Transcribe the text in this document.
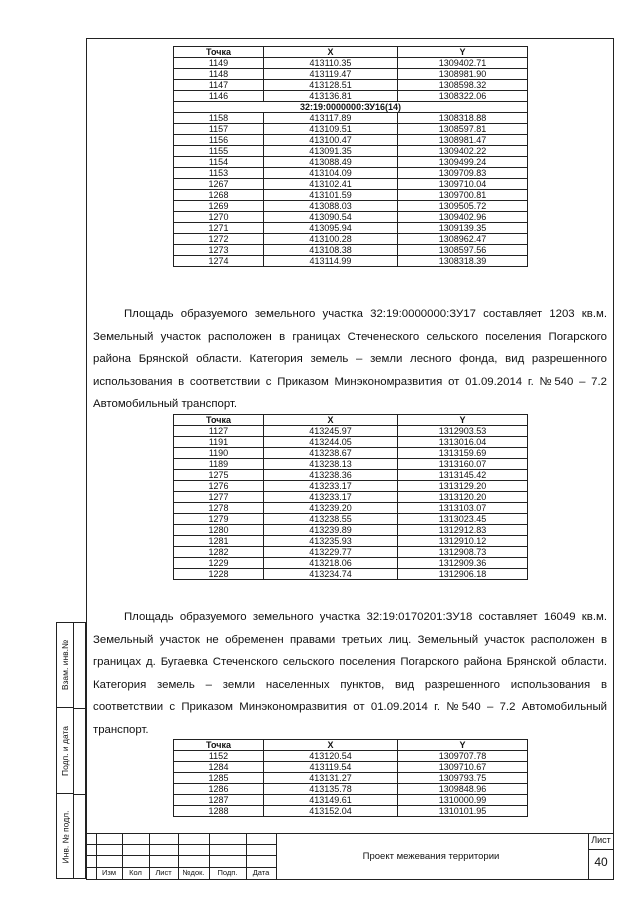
Точка	X	Y
1149	413110.35	1309402.71
1148	413119.47	1308981.90
1147	413128.51	1308598.32
1146	413136.81	1308322.06
32:19:0000000:ЗУ16(14)		
1158	413117.89	1308318.88
1157	413109.51	1308597.81
1156	413100.47	1308981.47
1155	413091.35	1309402.22
1154	413088.49	1309499.24
1153	413104.09	1309709.83
1267	413102.41	1309710.04
1268	413101.59	1309700.81
1269	413088.03	1309505.72
1270	413090.54	1309402.96
1271	413095.94	1309139.35
1272	413100.28	1308962.47
1273	413108.38	1308597.56
1274	413114.99	1308318.39

Площадь образуемого земельного участка 32:19:0000000:ЗУ17 составляет 1203 кв.м. Земельный участок расположен в границах Стеченеского сельского поселения Погарского района Брянской области. Категория земель – земли лесного фонда, вид разрешенного использования в соответствии с Приказом Минэкономразвития от 01.09.2014 г. №540 – 7.2 Автомобильный транспорт.

Точка	X	Y
1127	413245.97	1312903.53
1191	413244.05	1313016.04
1190	413238.67	1313159.69
1189	413238.13	1313160.07
1275	413238.36	1313145.42
1276	413233.17	1313129.20
1277	413233.17	1313120.20
1278	413239.20	1313103.07
1279	413238.55	1313023.45
1280	413239.89	1312912.83
1281	413235.93	1312910.12
1282	413229.77	1312908.73
1229	413218.06	1312909.36
1228	413234.74	1312906.18

Площадь образуемого земельного участка 32:19:0170201:ЗУ18 составляет 16049 кв.м. Земельный участок не обременен правами третьих лиц. Земельный участок расположен в границах д. Бугаевка Стеченского сельского поселения Погарского района Брянской области. Категория земель – земли населенных пунктов, вид разрешенного использования в соответствии с Приказом Минэкономразвития от 01.09.2014 г. №540 – 7.2 Автомобильный транспорт.

Точка	X	Y
1152	413120.54	1309707.78
1284	413119.54	1309710.67
1285	413131.27	1309793.75
1286	413135.78	1309848.96
1287	413149.61	1310000.99
1288	413152.04	1310101.95
Взам. инв.№
Подп. и дата
Инв. № подл.
Изм	Кол	Лист	№док.	Подп.	Дата
Проект межевания территории
Лист
40
